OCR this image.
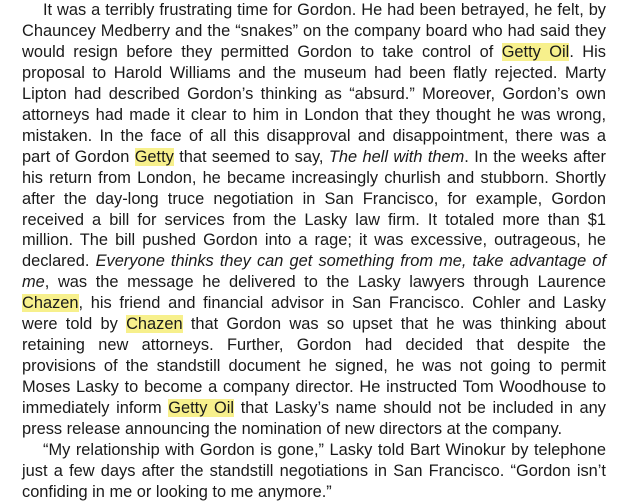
It was a terribly frustrating time for Gordon. He had been betrayed, he felt, by
Chauncey Medberry and the “snakes” on the company board who had said they
would resign before they permitted Gordon to take control of Getty Oil. His
proposal to Harold Williams and the museum had been flatly rejected. Marty
Lipton had described Gordon’s thinking as “absurd.” Moreover, Gordon’s own
attorneys had made it clear to him in London that they thought he was wrong,
mistaken. In the face of all this disapproval and disappointment, there was a
part of Gordon Getty that seemed to say, The hell with them. In the weeks after
his return from London, he became increasingly churlish and stubborn. Shortly
after the day-long truce negotiation in San Francisco, for example, Gordon
received a bill for services from the Lasky law firm. It totaled more than $1
million. The bill pushed Gordon into a rage; it was excessive, outrageous, he
declared. Everyone thinks they can get something from me, take advantage of
me, was the message he delivered to the Lasky lawyers through Laurence
Chazen, his friend and financial advisor in San Francisco. Cohler and Lasky
were told by Chazen that Gordon was so upset that he was thinking about
retaining new attorneys. Further, Gordon had decided that despite the
provisions of the standstill document he signed, he was not going to permit
Moses Lasky to become a company director. He instructed Tom Woodhouse to
immediately inform Getty Oil that Lasky’s name should not be included in any
press release announcing the nomination of new directors at the company.
“My relationship with Gordon is gone,” Lasky told Bart Winokur by telephone
just a few days after the standstill negotiations in San Francisco. “Gordon isn’t
confiding in me or looking to me anymore.”
